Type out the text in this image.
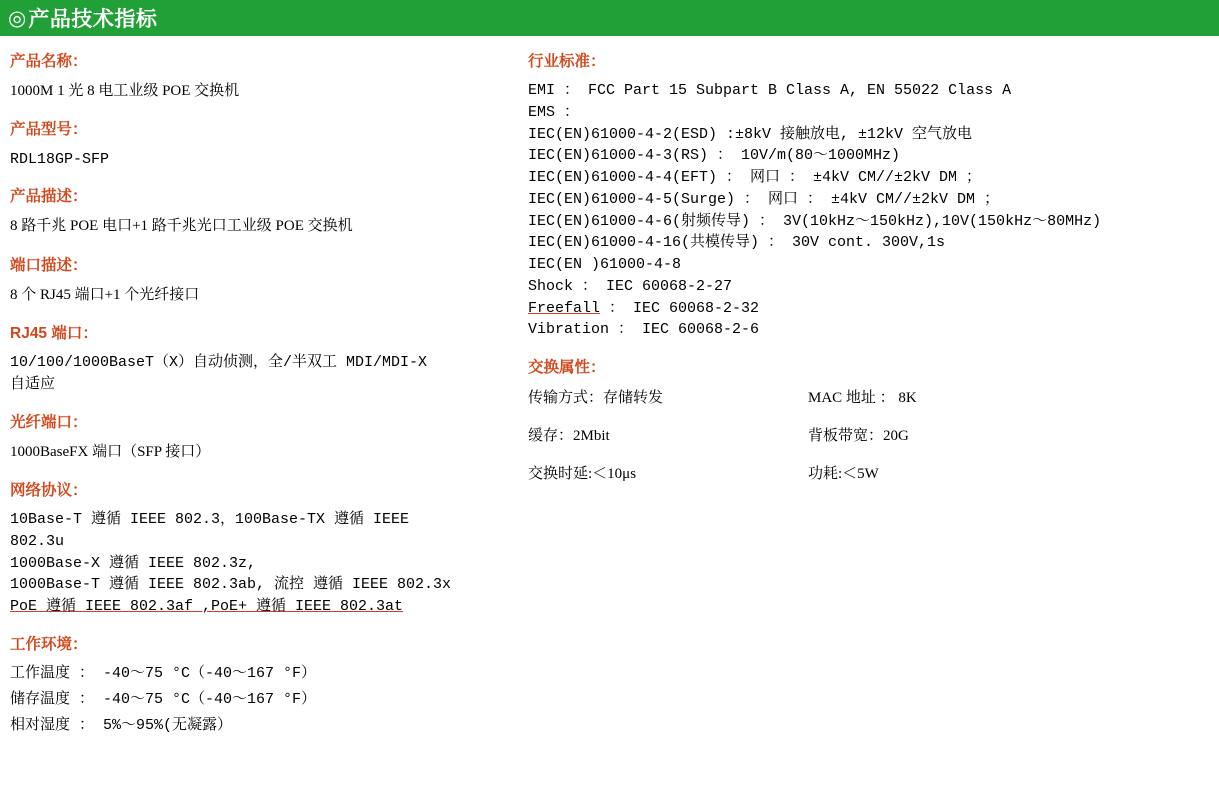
◎ 产品技术指标
产品名称：
1000M 1 光 8 电工业级 POE 交换机
产品型号：
RDL18GP-SFP
产品描述：
8 路千兆 POE 电口+1 路千兆光口工业级 POE 交换机
端口描述：
8 个 RJ45 端口+1 个光纤接口
RJ45 端口：
10/100/1000BaseT（X）自动侦测，全/半双工 MDI/MDI-X
自适应
光纤端口：
1000BaseFX 端口（SFP 接口）
网络协议：
10Base-T 遵循 IEEE 802.3，100Base-TX 遵循 IEEE
802.3u
1000Base-X 遵循 IEEE 802.3z,
1000Base-T 遵循 IEEE 802.3ab, 流控 遵循 IEEE 802.3x
PoE 遵循 IEEE 802.3af ,PoE+ 遵循 IEEE 802.3at
工作环境：
工作温度 ： -40～75 °C（-40～167 °F）
储存温度 ： -40～75 °C（-40～167 °F）
相对湿度 ： 5%～95%(无凝露）
行业标准：
EMI ： FCC Part 15 Subpart B Class A, EN 55022 Class A
EMS ：
IEC(EN)61000-4-2(ESD) :±8kV 接触放电, ±12kV 空气放电
IEC(EN)61000-4-3(RS) ： 10V/m(80～1000MHz)
IEC(EN)61000-4-4(EFT) ： 网口 ： ±4kV CM//±2kV DM ；
IEC(EN)61000-4-5(Surge) ： 网口 ： ±4kV CM//±2kV DM ；
IEC(EN)61000-4-6(射频传导) ： 3V(10kHz～150kHz),10V(150kHz～80MHz)
IEC(EN)61000-4-16(共模传导) ： 30V cont. 300V,1s
IEC(EN )61000-4-8
Shock ： IEC 60068-2-27
Freefall ： IEC 60068-2-32
Vibration ： IEC 60068-2-6
交换属性：
传输方式：存储转发	MAC 地址 ： 8K
缓存：2Mbit	背板带宽：20G
交换时延:＜10μs	功耗:＜5W
